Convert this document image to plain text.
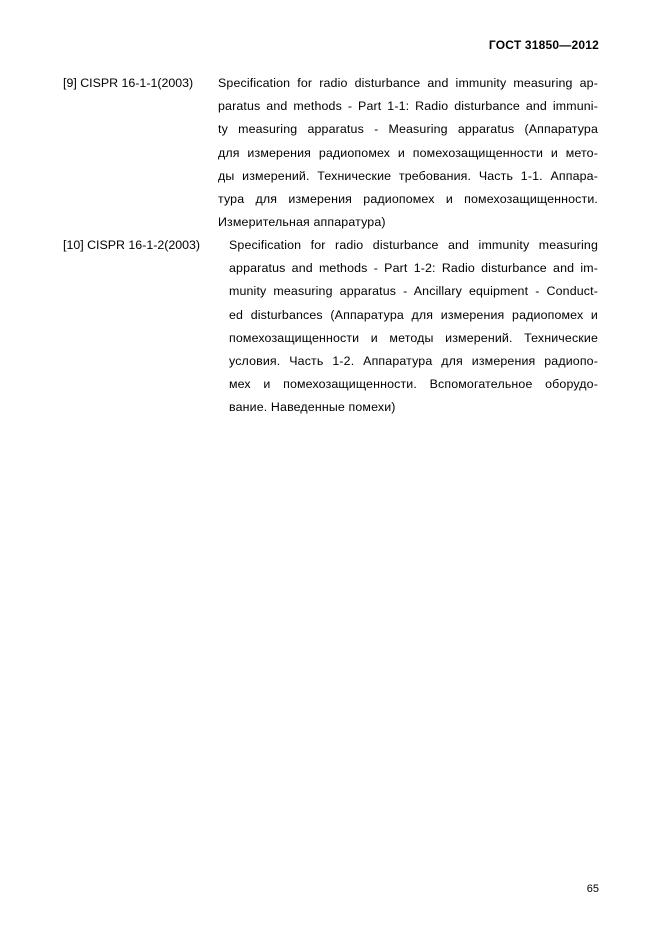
ГОСТ 31850—2012
[9] CISPR 16-1-1(2003) Specification for radio disturbance and immunity measuring ap-
paratus and methods - Part 1-1: Radio disturbance and immuni-
ty measuring apparatus - Measuring apparatus (Аппаратура
для измерения радиопомех и помехозащищенности и мето-
ды измерений. Технические требования. Часть 1-1. Аппара-
тура для измерения радиопомех и помехозащищенности.
Измерительная аппаратура)
[10] CISPR 16-1-2(2003) Specification for radio disturbance and immunity measuring
apparatus and methods - Part 1-2: Radio disturbance and im-
munity measuring apparatus - Ancillary equipment - Conduct-
ed disturbances (Аппаратура для измерения радиопомех и
помехозащищенности и методы измерений. Технические
условия. Часть 1-2. Аппаратура для измерения радиопо-
мех и помехозащищенности. Вспомогательное оборудо-
вание. Наведенные помехи)
65
